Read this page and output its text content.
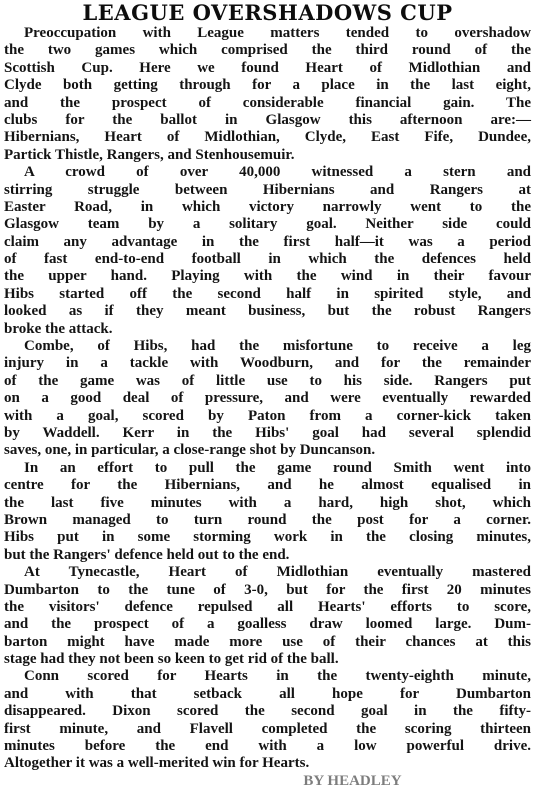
LEAGUE OVERSHADOWS CUP
Preoccupation with League matters tended to overshadow
the two games which comprised the third round of the
Scottish Cup. Here we found Heart of Midlothian and
Clyde both getting through for a place in the last eight,
and the prospect of considerable financial gain. The
clubs for the ballot in Glasgow this afternoon are:—
Hibernians, Heart of Midlothian, Clyde, East Fife, Dundee,
Partick Thistle, Rangers, and Stenhousemuir.
A crowd of over 40,000 witnessed a stern and
stirring struggle between Hibernians and Rangers at
Easter Road, in which victory narrowly went to the
Glasgow team by a solitary goal. Neither side could
claim any advantage in the first half—it was a period
of fast end-to-end football in which the defences held
the upper hand. Playing with the wind in their favour
Hibs started off the second half in spirited style, and
looked as if they meant business, but the robust Rangers
broke the attack.
Combe, of Hibs, had the misfortune to receive a leg
injury in a tackle with Woodburn, and for the remainder
of the game was of little use to his side. Rangers put
on a good deal of pressure, and were eventually rewarded
with a goal, scored by Paton from a corner-kick taken
by Waddell. Kerr in the Hibs' goal had several splendid
saves, one, in particular, a close-range shot by Duncanson.
In an effort to pull the game round Smith went into
centre for the Hibernians, and he almost equalised in
the last five minutes with a hard, high shot, which
Brown managed to turn round the post for a corner.
Hibs put in some storming work in the closing minutes,
but the Rangers' defence held out to the end.
At Tynecastle, Heart of Midlothian eventually mastered
Dumbarton to the tune of 3-0, but for the first 20 minutes
the visitors' defence repulsed all Hearts' efforts to score,
and the prospect of a goalless draw loomed large. Dum-
barton might have made more use of their chances at this
stage had they not been so keen to get rid of the ball.
Conn scored for Hearts in the twenty-eighth minute,
and with that setback all hope for Dumbarton
disappeared. Dixon scored the second goal in the fifty-
first minute, and Flavell completed the scoring thirteen
minutes before the end with a low powerful drive.
Altogether it was a well-merited win for Hearts.
BY HEADLEY
